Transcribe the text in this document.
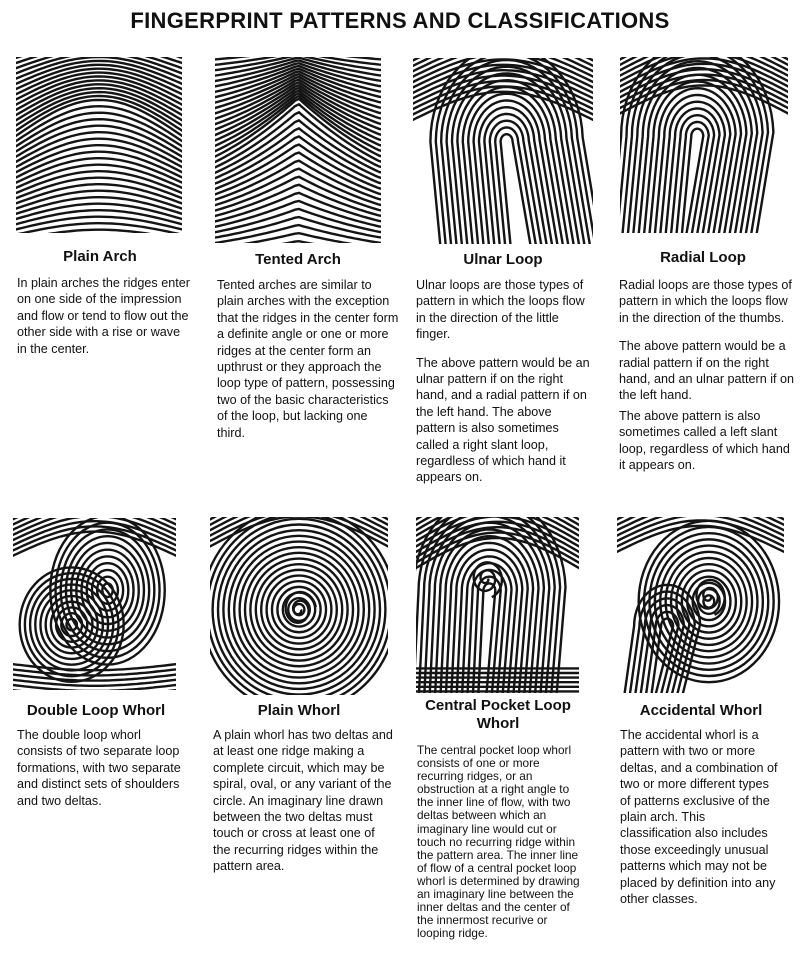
FINGERPRINT PATTERNS AND CLASSIFICATIONS
Plain Arch

In plain arches the ridges enter on one side of the impression and flow or tend to flow out the other side with a rise or wave in the center.

Tented Arch

Tented arches are similar to plain arches with the exception that the ridges in the center form a definite angle or one or more ridges at the center form an upthrust or they approach the loop type of pattern, possessing two of the basic characteristics of the loop, but lacking one third.

Ulnar Loop

Ulnar loops are those types of pattern in which the loops flow in the direction of the little finger.

The above pattern would be an ulnar pattern if on the right hand, and a radial pattern if on the left hand. The above pattern is also sometimes called a right slant loop, regardless of which hand it appears on.

Radial Loop

Radial loops are those types of pattern in which the loops flow in the direction of the thumbs.

The above pattern would be a radial pattern if on the right hand, and an ulnar pattern if on the left hand.

The above pattern is also sometimes called a left slant loop, regardless of which hand it appears on.

Double Loop Whorl

The double loop whorl consists of two separate loop formations, with two separate and distinct sets of shoulders and two deltas.

Plain Whorl

A plain whorl has two deltas and at least one ridge making a complete circuit, which may be spiral, oval, or any variant of the circle. An imaginary line drawn between the two deltas must touch or cross at least one of the recurring ridges within the pattern area.

Central Pocket Loop Whorl

The central pocket loop whorl consists of one or more recurring ridges, or an obstruction at a right angle to the inner line of flow, with two deltas between which an imaginary line would cut or touch no recurring ridge within the pattern area. The inner line of flow of a central pocket loop whorl is determined by drawing an imaginary line between the inner deltas and the center of the innermost recurive or looping ridge.

Accidental Whorl

The accidental whorl is a pattern with two or more deltas, and a combination of two or more different types of patterns exclusive of the plain arch. This classification also includes those exceedingly unusual patterns which may not be placed by definition into any other classes.
